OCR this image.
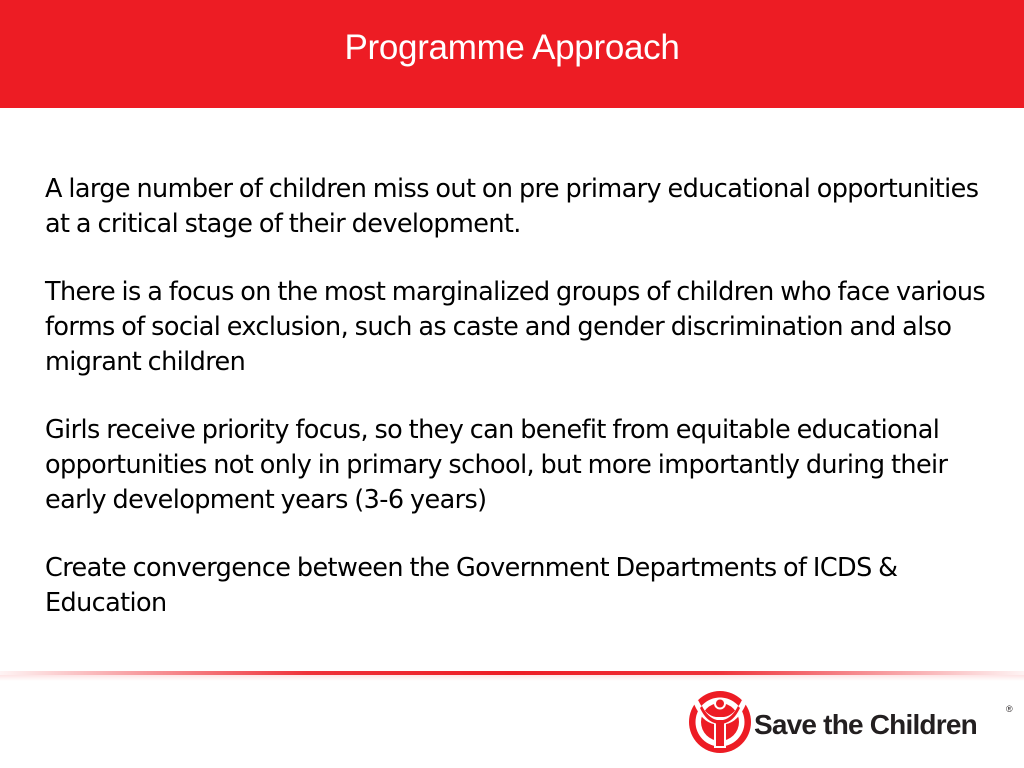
Programme Approach

A large number of children miss out on pre primary educational opportunities at a critical stage of their development.

There is a focus on the most marginalized groups of children who face various forms of social exclusion, such as caste and gender discrimination and also migrant children

Girls receive priority focus, so they can benefit from equitable educational opportunities not only in primary school, but more importantly during their early development years (3-6 years)

Create convergence between the Government Departments of ICDS & Education

Save the Children	®
